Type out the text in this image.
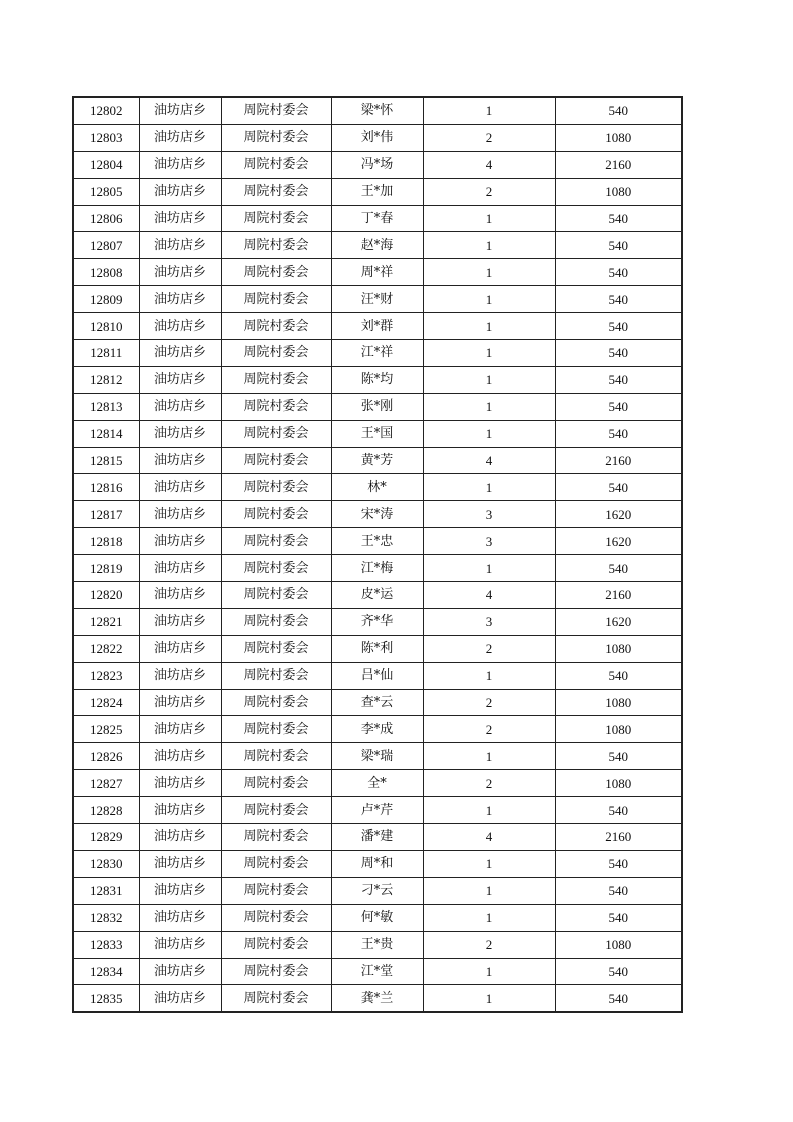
12802	油坊店乡	周院村委会	梁*怀	1	540
12803	油坊店乡	周院村委会	刘*伟	2	1080
12804	油坊店乡	周院村委会	冯*场	4	2160
12805	油坊店乡	周院村委会	王*加	2	1080
12806	油坊店乡	周院村委会	丁*春	1	540
12807	油坊店乡	周院村委会	赵*海	1	540
12808	油坊店乡	周院村委会	周*祥	1	540
12809	油坊店乡	周院村委会	汪*财	1	540
12810	油坊店乡	周院村委会	刘*群	1	540
12811	油坊店乡	周院村委会	江*祥	1	540
12812	油坊店乡	周院村委会	陈*均	1	540
12813	油坊店乡	周院村委会	张*刚	1	540
12814	油坊店乡	周院村委会	王*国	1	540
12815	油坊店乡	周院村委会	黄*芳	4	2160
12816	油坊店乡	周院村委会	林*	1	540
12817	油坊店乡	周院村委会	宋*涛	3	1620
12818	油坊店乡	周院村委会	王*忠	3	1620
12819	油坊店乡	周院村委会	江*梅	1	540
12820	油坊店乡	周院村委会	皮*运	4	2160
12821	油坊店乡	周院村委会	齐*华	3	1620
12822	油坊店乡	周院村委会	陈*利	2	1080
12823	油坊店乡	周院村委会	吕*仙	1	540
12824	油坊店乡	周院村委会	查*云	2	1080
12825	油坊店乡	周院村委会	李*成	2	1080
12826	油坊店乡	周院村委会	梁*瑞	1	540
12827	油坊店乡	周院村委会	全*	2	1080
12828	油坊店乡	周院村委会	卢*芹	1	540
12829	油坊店乡	周院村委会	潘*建	4	2160
12830	油坊店乡	周院村委会	周*和	1	540
12831	油坊店乡	周院村委会	刁*云	1	540
12832	油坊店乡	周院村委会	何*敏	1	540
12833	油坊店乡	周院村委会	王*贵	2	1080
12834	油坊店乡	周院村委会	江*堂	1	540
12835	油坊店乡	周院村委会	龚*兰	1	540
